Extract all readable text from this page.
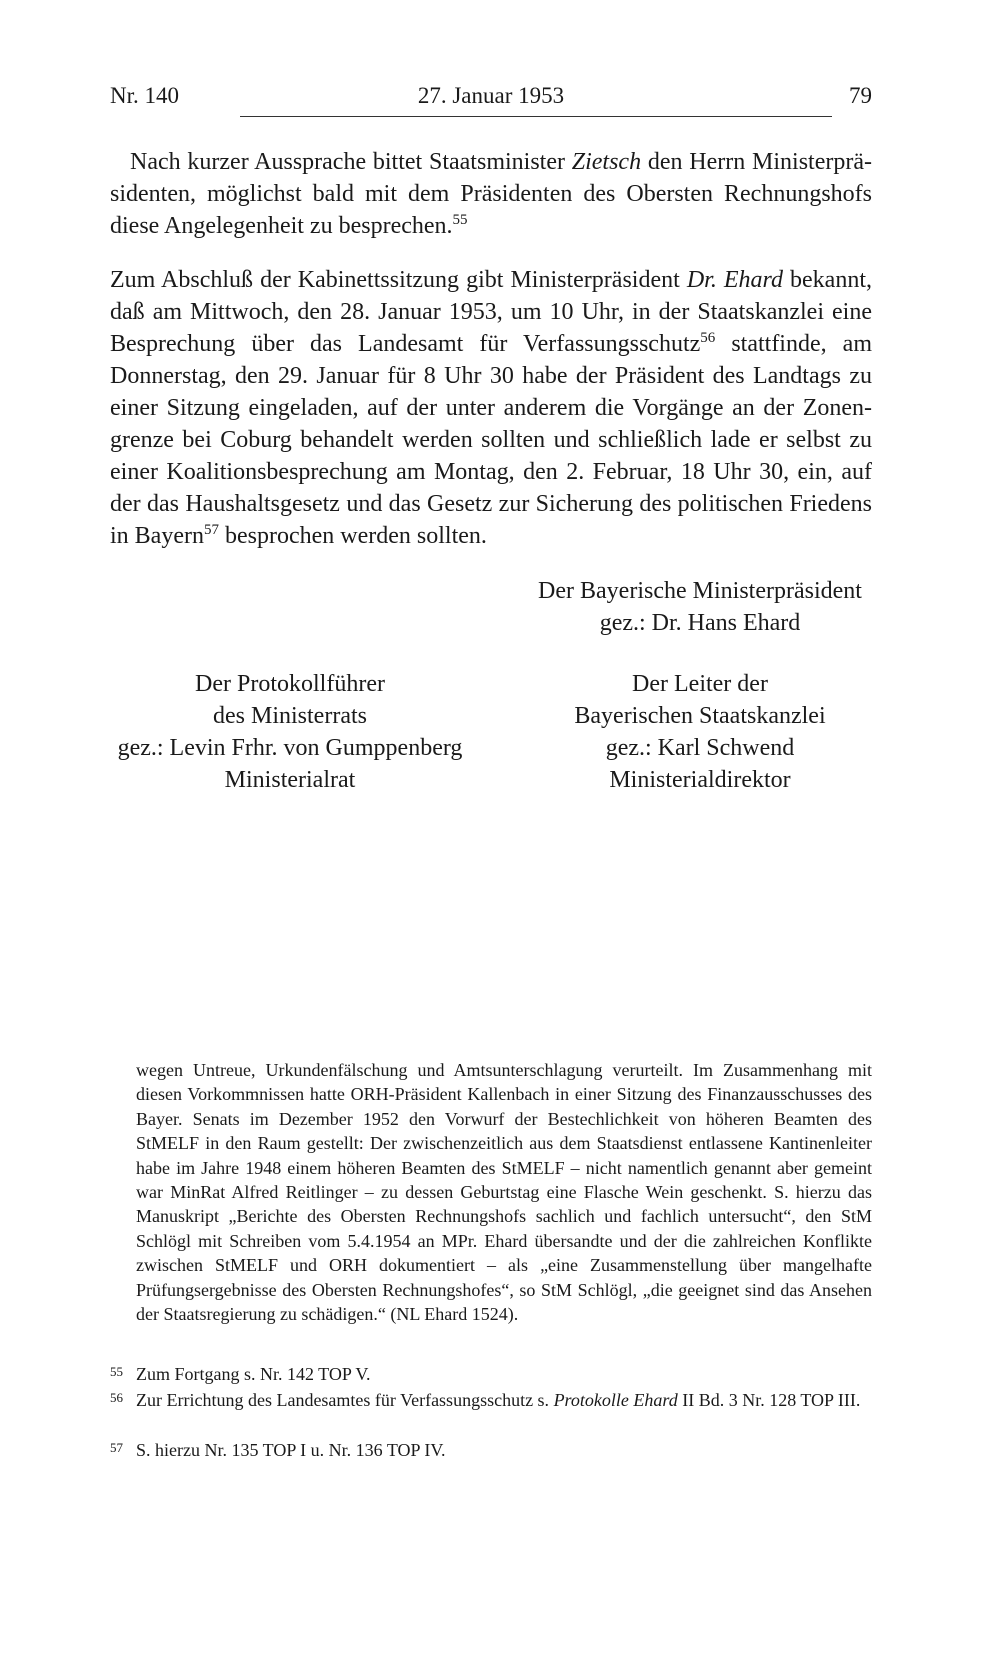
Nr. 140	27. Januar 1953	79

Nach kurzer Aussprache bittet Staatsminister Zietsch den Herrn Ministerpräsidenten, möglichst bald mit dem Präsidenten des Obersten Rechnungshofs diese Angelegenheit zu besprechen.$^{55}$

Zum Abschluß der Kabinettssitzung gibt Ministerpräsident Dr. Ehard bekannt, daß am Mittwoch, den 28. Januar 1953, um 10 Uhr, in der Staatskanzlei eine Besprechung über das Landesamt für Verfassungsschutz$^{56}$ stattfinde, am Donnerstag, den 29. Januar für 8 Uhr 30 habe der Präsident des Landtags zu einer Sitzung eingeladen, auf der unter anderem die Vorgänge an der Zonengrenze bei Coburg behandelt werden sollten und schließlich lade er selbst zu einer Koalitionsbesprechung am Montag, den 2. Februar, 18 Uhr 30, ein, auf der das Haushaltsgesetz und das Gesetz zur Sicherung des politischen Friedens in Bayern$^{57}$ besprochen werden sollten.

Der Bayerische Ministerpräsident
gez.: Dr. Hans Ehard
Der Protokollführer
des Ministerrats
gez.: Levin Frhr. von Gumppenberg
Ministerialrat
Der Leiter der
Bayerischen Staatskanzlei
gez.: Karl Schwend
Ministerialdirektor
wegen Untreue, Urkundenfälschung und Amtsunterschlagung verurteilt. Im Zusammenhang mit diesen Vorkommnissen hatte ORH-Präsident Kallenbach in einer Sitzung des Finanzausschusses des Bayer. Senats im Dezember 1952 den Vorwurf der Bestechlichkeit von höheren Beamten des StMELF in den Raum gestellt: Der zwischenzeitlich aus dem Staatsdienst entlassene Kantinenleiter habe im Jahre 1948 einem höheren Beamten des StMELF – nicht namentlich genannt aber gemeint war MinRat Alfred Reitlinger – zu dessen Geburtstag eine Flasche Wein geschenkt. S. hierzu das Manuskript „Berichte des Obersten Rechnungshofs sachlich und fachlich untersucht“, den StM Schlögl mit Schreiben vom 5.4.1954 an MPr. Ehard übersandte und der die zahlreichen Konflikte zwischen StMELF und ORH dokumentiert – als „eine Zusammenstellung über mangelhafte Prüfungsergebnisse des Obersten Rechnungshofes“, so StM Schlögl, „die geeignet sind das Ansehen der Staatsregierung zu schädigen.“ (NL Ehard 1524).
55 Zum Fortgang s. Nr. 142 TOP V.
56 Zur Errichtung des Landesamtes für Verfassungsschutz s. Protokolle Ehard II Bd. 3 Nr. 128 TOP III.
57 S. hierzu Nr. 135 TOP I u. Nr. 136 TOP IV.
